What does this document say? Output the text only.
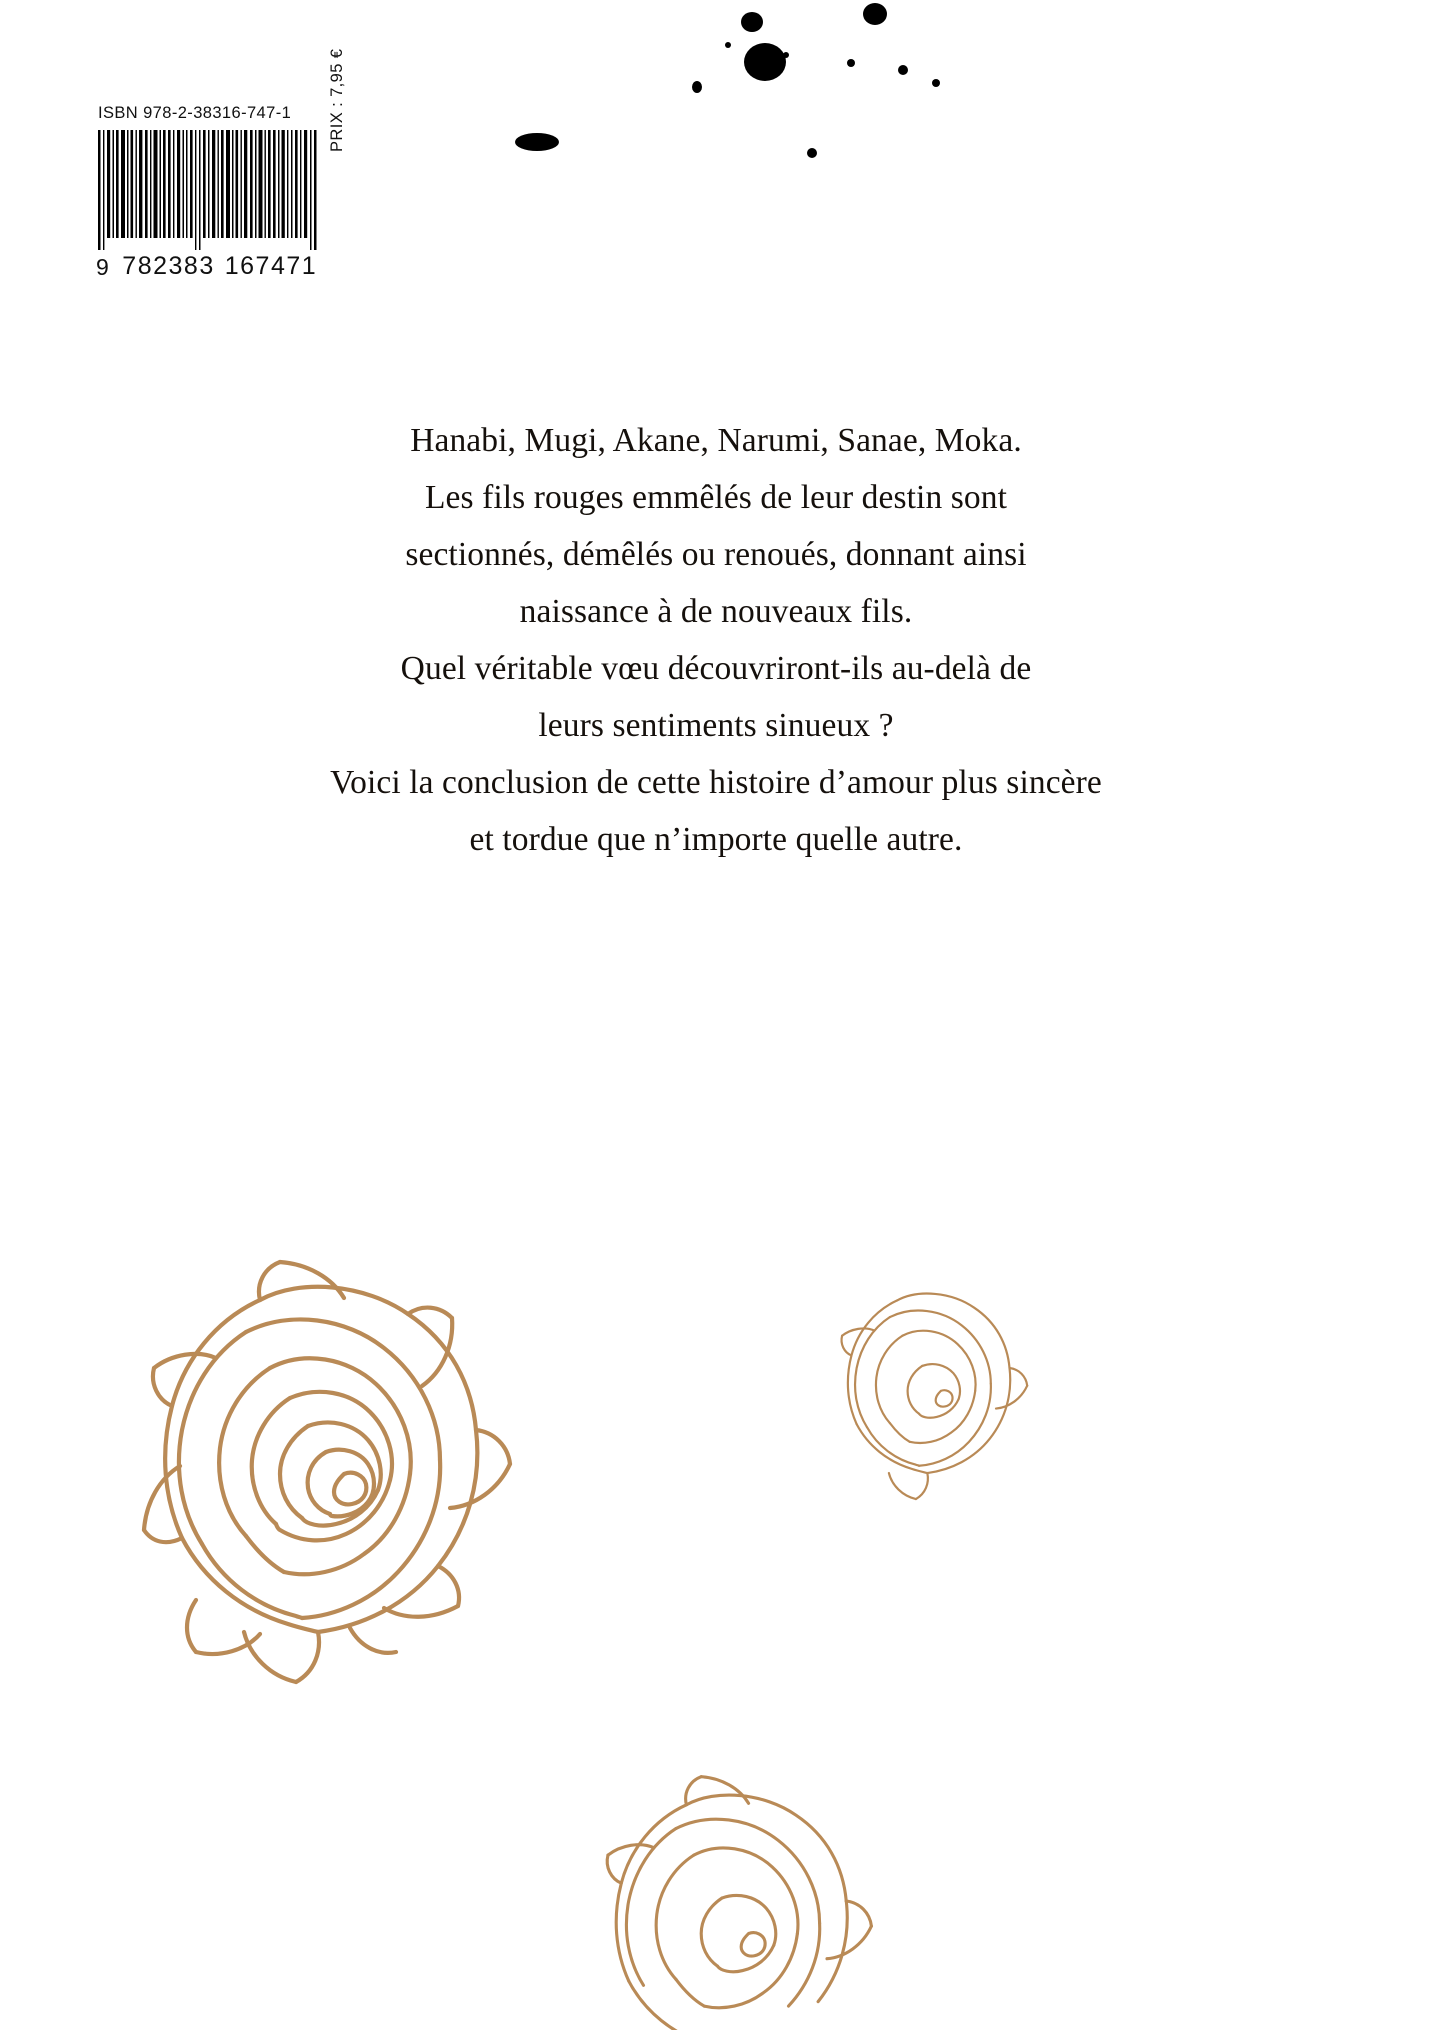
ISBN 978-2-38316-747-1
9 782383 167471
PRIX : 7,95 €
Hanabi, Mugi, Akane, Narumi, Sanae, Moka.
Les fils rouges emmêlés de leur destin sont
sectionnés, démêlés ou renoués, donnant ainsi
naissance à de nouveaux fils.
Quel véritable vœu découvriront-ils au-delà de
leurs sentiments sinueux ?
Voici la conclusion de cette histoire d’amour plus sincère
et tordue que n’importe quelle autre.
